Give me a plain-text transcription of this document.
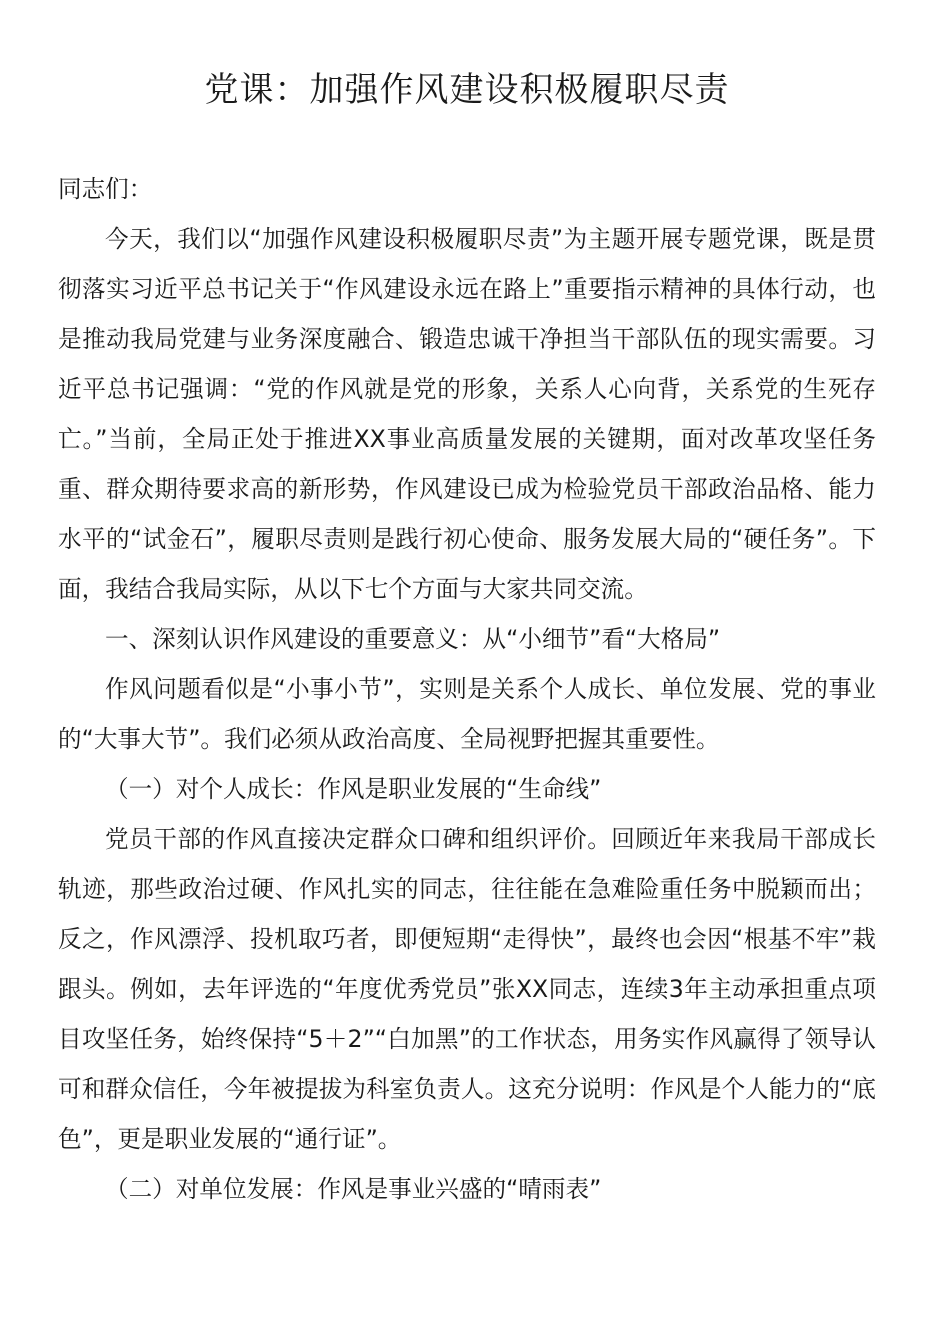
党课：加强作风建设积极履职尽责

同志们：

今天，我们以“加强作风建设积极履职尽责”为主题开展专题党课，既是贯彻落实习近平总书记关于“作风建设永远在路上”重要指示精神的具体行动，也是推动我局党建与业务深度融合、锻造忠诚干净担当干部队伍的现实需要。习近平总书记强调：“党的作风就是党的形象，关系人心向背，关系党的生死存亡。”当前，全局正处于推进XX事业高质量发展的关键期，面对改革攻坚任务重、群众期待要求高的新形势，作风建设已成为检验党员干部政治品格、能力水平的“试金石”，履职尽责则是践行初心使命、服务发展大局的“硬任务”。下面，我结合我局实际，从以下七个方面与大家共同交流。

一、深刻认识作风建设的重要意义：从“小细节”看“大格局”

作风问题看似是“小事小节”，实则是关系个人成长、单位发展、党的事业的“大事大节”。我们必须从政治高度、全局视野把握其重要性。

（一）对个人成长：作风是职业发展的“生命线”

党员干部的作风直接决定群众口碑和组织评价。回顾近年来我局干部成长轨迹，那些政治过硬、作风扎实的同志，往往能在急难险重任务中脱颖而出；反之，作风漂浮、投机取巧者，即便短期“走得快”，最终也会因“根基不牢”栽跟头。例如，去年评选的“年度优秀党员”张XX同志，连续3年主动承担重点项目攻坚任务，始终保持“5＋2”“白加黑”的工作状态，用务实作风赢得了领导认可和群众信任，今年被提拔为科室负责人。这充分说明：作风是个人能力的“底色”，更是职业发展的“通行证”。

（二）对单位发展：作风是事业兴盛的“晴雨表”
